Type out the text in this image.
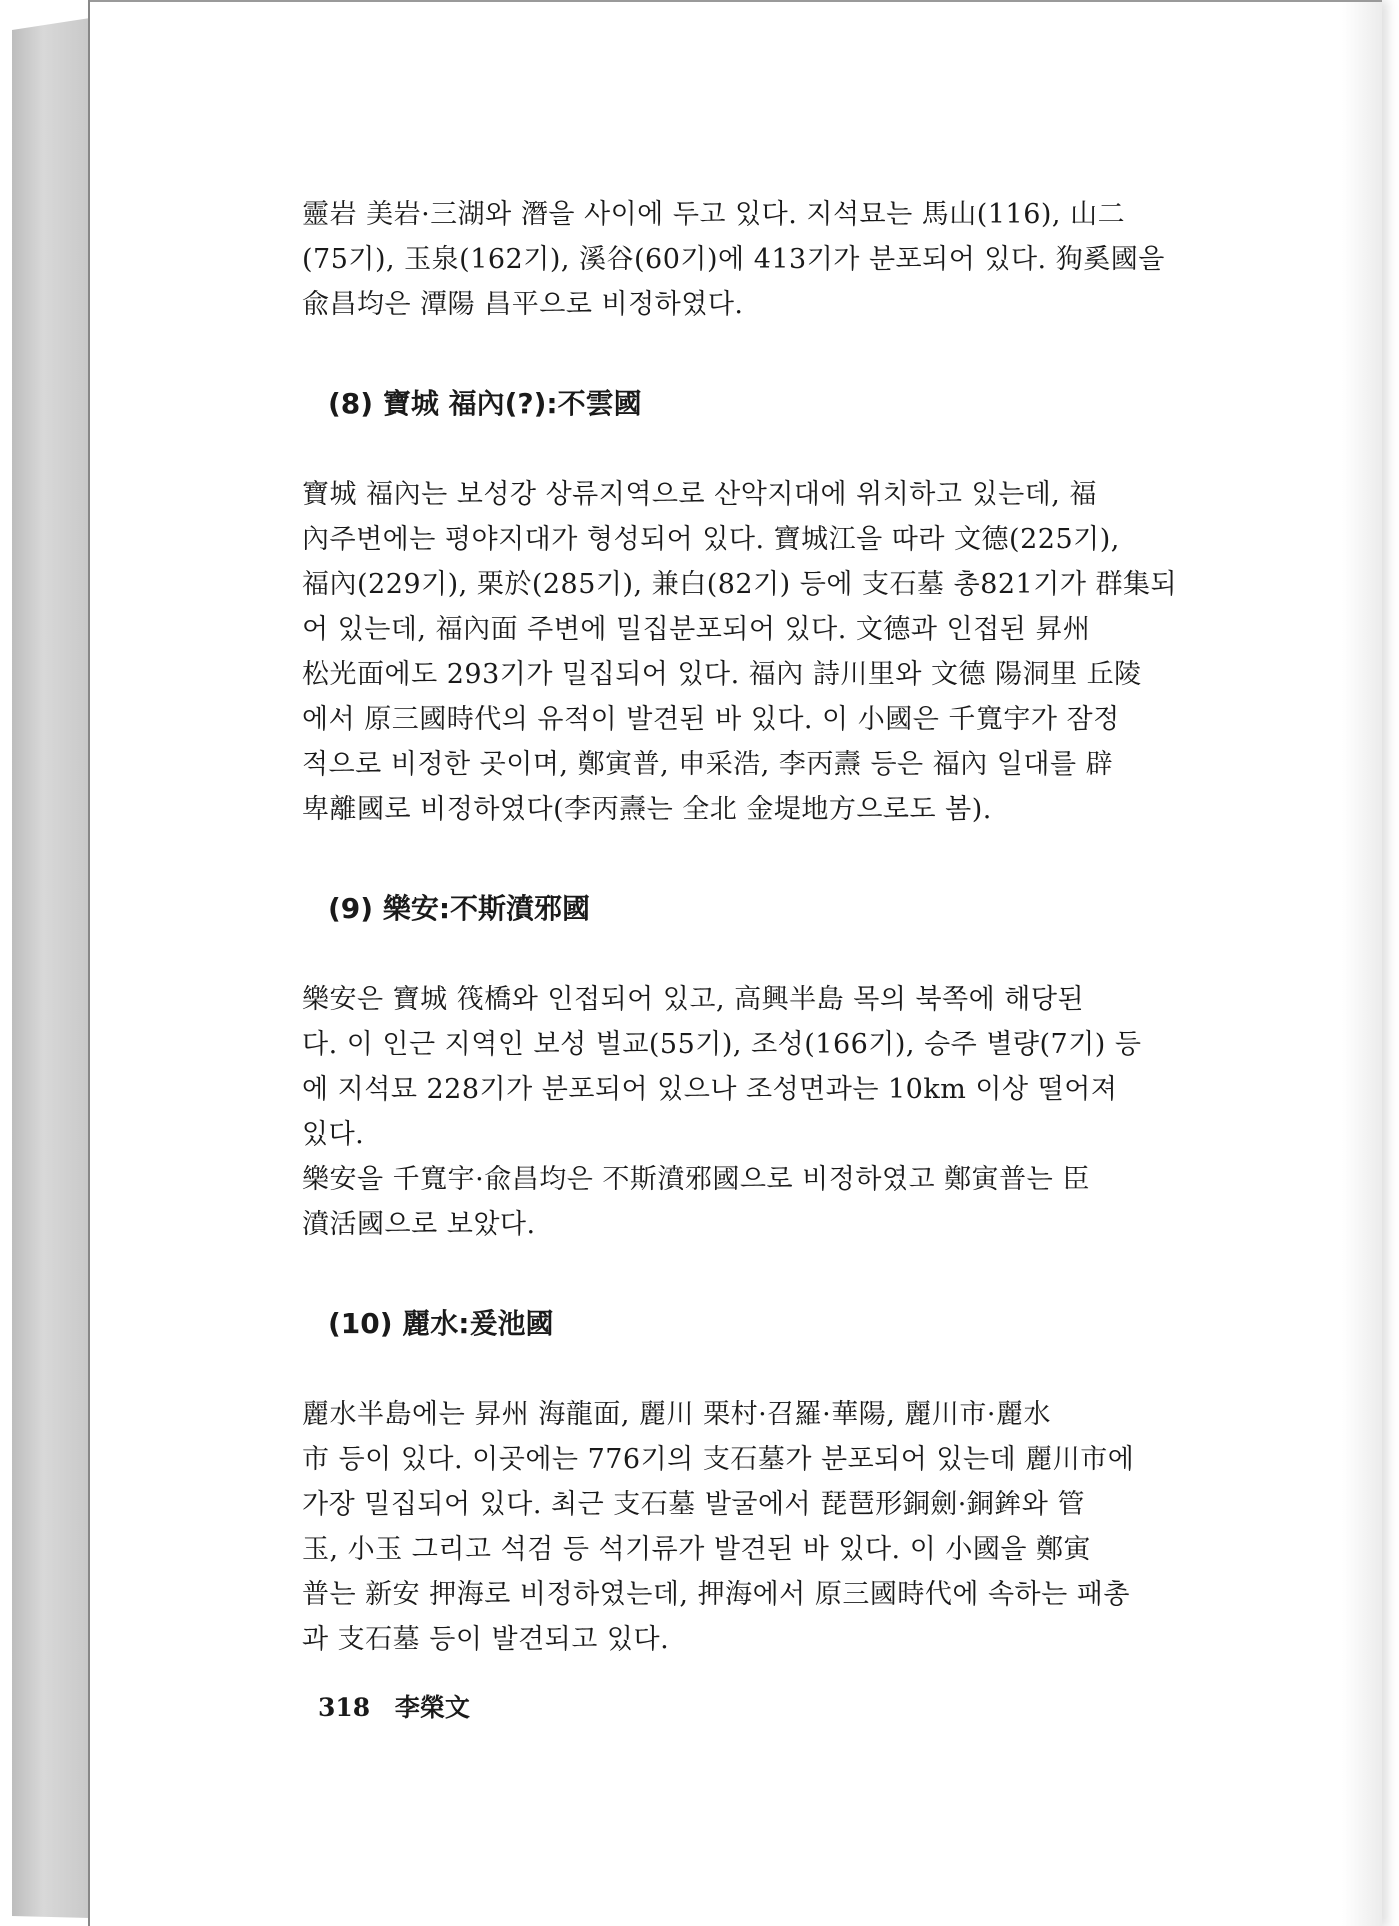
靈岩 美岩·三湖와 潛을 사이에 두고 있다. 지석묘는 馬山(116), 山二
(75기), 玉泉(162기), 溪谷(60기)에 413기가 분포되어 있다. 狗奚國을
兪昌均은 潭陽 昌平으로 비정하였다.

(8) 寶城 福內(?):不雲國

寶城 福內는 보성강 상류지역으로 산악지대에 위치하고 있는데, 福
內주변에는 평야지대가 형성되어 있다. 寶城江을 따라 文德(225기),
福內(229기), 栗於(285기), 兼白(82기) 등에 支石墓 총821기가 群集되
어 있는데, 福內面 주변에 밀집분포되어 있다. 文德과 인접된 昇州
松光面에도 293기가 밀집되어 있다. 福內 詩川里와 文德 陽洞里 丘陵
에서 原三國時代의 유적이 발견된 바 있다. 이 小國은 千寬宇가 잠정
적으로 비정한 곳이며, 鄭寅普, 申采浩, 李丙燾 등은 福內 일대를 辟
卑離國로 비정하였다(李丙燾는 全北 金堤地方으로도 봄).

(9) 樂安:不斯濆邪國

樂安은 寶城 筏橋와 인접되어 있고, 高興半島 목의 북쪽에 해당된
다. 이 인근 지역인 보성 벌교(55기), 조성(166기), 승주 별량(7기) 등
에 지석묘 228기가 분포되어 있으나 조성면과는 10km 이상 떨어져
있다.
樂安을 千寬宇·兪昌均은 不斯濆邪國으로 비정하였고 鄭寅普는 臣
濆活國으로 보았다.

(10) 麗水:爰池國

麗水半島에는 昇州 海龍面, 麗川 栗村·召羅·華陽, 麗川市·麗水
市 등이 있다. 이곳에는 776기의 支石墓가 분포되어 있는데 麗川市에
가장 밀집되어 있다. 최근 支石墓 발굴에서 琵琶形銅劍·銅鉾와 管
玉, 小玉 그리고 석검 등 석기류가 발견된 바 있다. 이 小國을 鄭寅
普는 新安 押海로 비정하였는데, 押海에서 原三國時代에 속하는 패총
과 支石墓 등이 발견되고 있다.

318 李榮文
